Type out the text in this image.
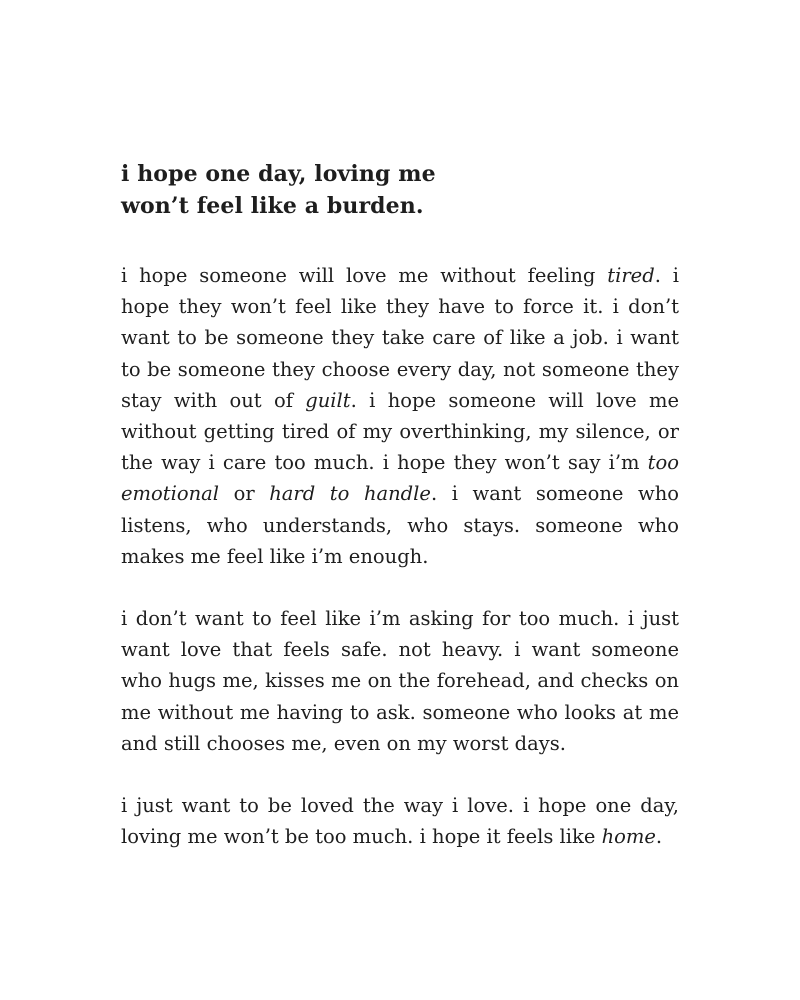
i hope one day, loving me
won’t feel like a burden.

i hope someone will love me without feeling tired. i hope they won’t feel like they have to force it. i don’t want to be someone they take care of like a job. i want to be someone they choose every day, not someone they stay with out of guilt. i hope someone will love me without getting tired of my overthinking, my silence, or the way i care too much. i hope they won’t say i’m too emotional or hard to handle. i want someone who listens, who understands, who stays. someone who makes me feel like i’m enough.

i don’t want to feel like i’m asking for too much. i just want love that feels safe. not heavy. i want someone who hugs me, kisses me on the forehead, and checks on me without me having to ask. someone who looks at me and still chooses me, even on my worst days.

i just want to be loved the way i love. i hope one day, loving me won’t be too much. i hope it feels like home.
